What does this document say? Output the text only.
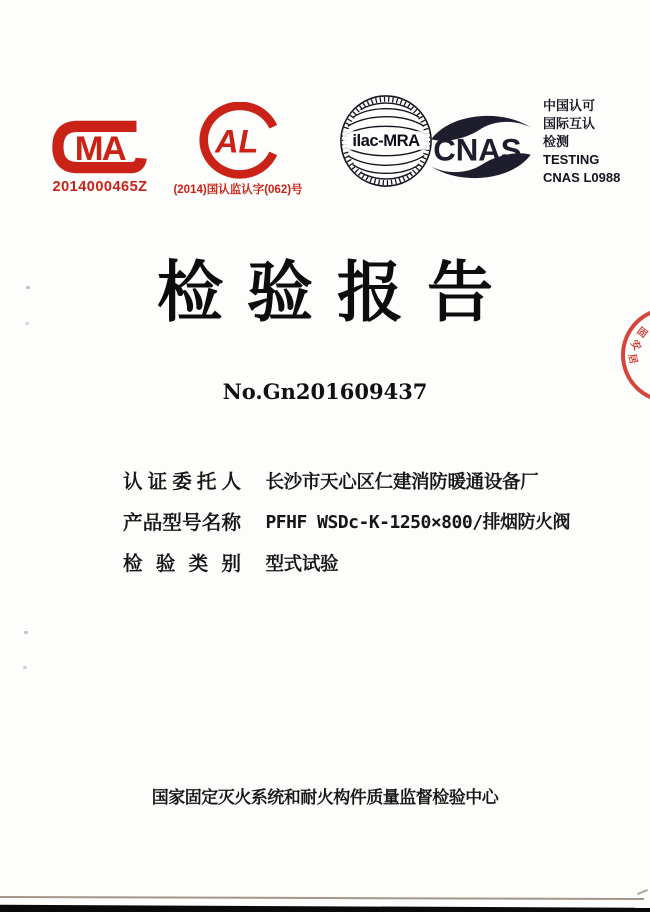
MA
2014000465Z
AL
(2014)国认监认字(062)号
ilac-MRA CNAS
中国认可
国际互认
检测
TESTING
CNAS L0988
检验报告
No.Gn201609437
认证委托人 长沙市天心区仁建消防暖通设备厂
产品型号名称 PFHF WSDc-K-1250×800/排烟防火阀
检验类别 型式试验
国家固定灭火系统和耐火构件质量监督检验中心
固
安
居
